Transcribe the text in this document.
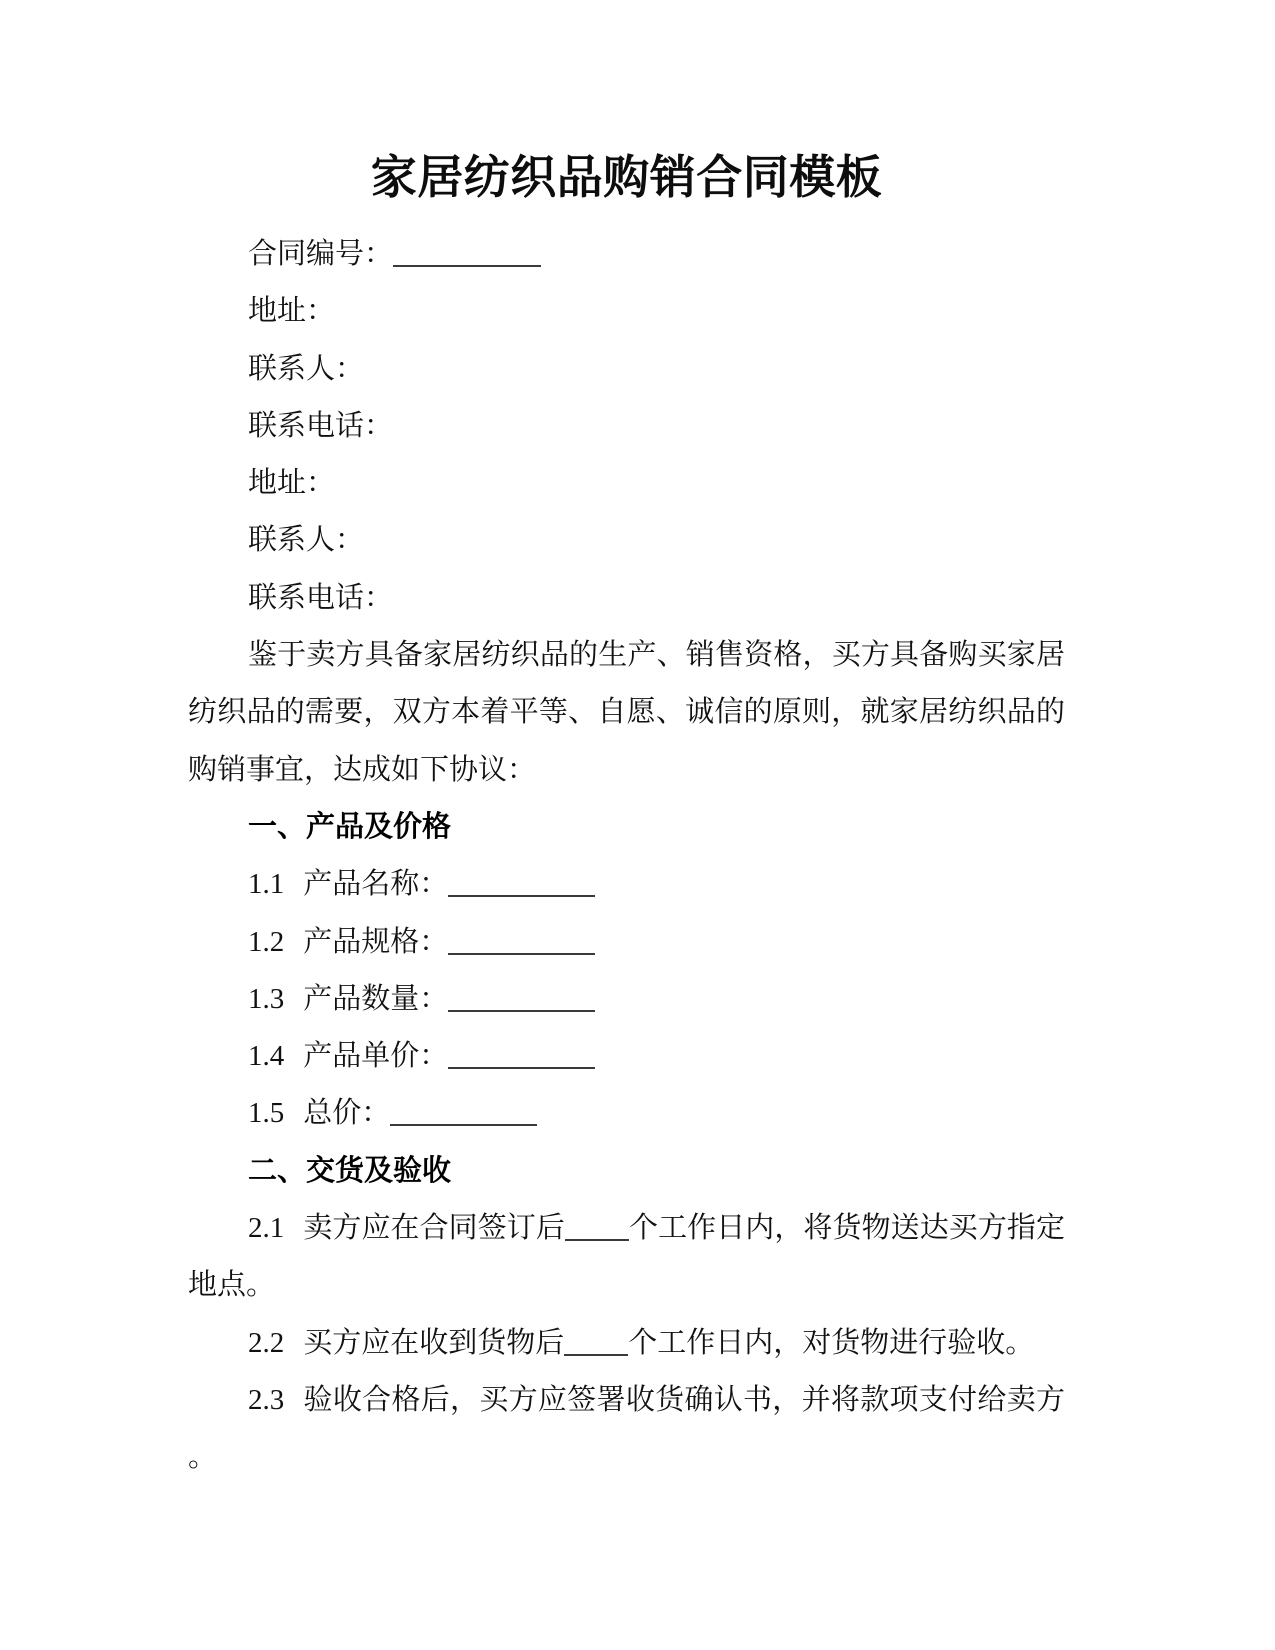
家居纺织品购销合同模板
合同编号：
地址：
联系人：
联系电话：
地址：
联系人：
联系电话：
鉴于卖方具备家居纺织品的生产、销售资格，买方具备购买家居纺织品的需要，双方本着平等、自愿、诚信的原则，就家居纺织品的购销事宜，达成如下协议：
一、产品及价格
1.1 产品名称：
1.2 产品规格：
1.3 产品数量：
1.4 产品单价：
1.5 总价：
二、交货及验收
2.1 卖方应在合同签订后 个工作日内，将货物送达买方指定地点。
2.2 买方应在收到货物后 个工作日内，对货物进行验收。
2.3 验收合格后，买方应签署收货确认书，并将款项支付给卖方。
